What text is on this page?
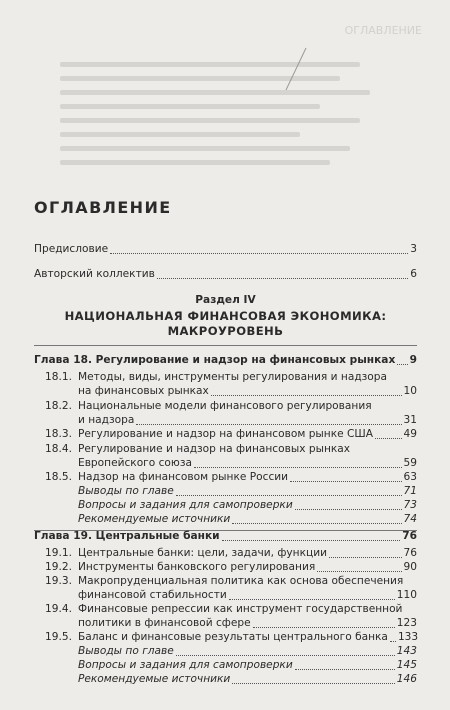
ОГЛАВЛЕНИЕ
ОГЛАВЛЕНИЕ
Предисловие	3
Авторский коллектив	6
Раздел IV
НАЦИОНАЛЬНАЯ ФИНАНСОВАЯ ЭКОНОМИКА:
МАКРОУРОВЕНЬ
Глава 18. Регулирование и надзор на финансовых рынках 9
18.1. Методы, виды, инструменты регулирования и надзора
на финансовых рынках	10
18.2. Национальные модели финансового регулирования
и надзора	31
18.3. Регулирование и надзор на финансовом рынке США	49
18.4. Регулирование и надзор на финансовых рынках
Европейского союза	59
18.5. Надзор на финансовом рынке России	63
Выводы по главе	71
Вопросы и задания для самопроверки	73
Рекомендуемые источники	74
Глава 19. Центральные банки	76
19.1. Центральные банки: цели, задачи, функции	76
19.2. Инструменты банковского регулирования	90
19.3. Макропруденциальная политика как основа обеспечения
финансовой стабильности	110
19.4. Финансовые репрессии как инструмент государственной
политики в финансовой сфере	123
19.5. Баланс и финансовые результаты центрального банка 133
Выводы по главе	143
Вопросы и задания для самопроверки	145
Рекомендуемые источники	146
